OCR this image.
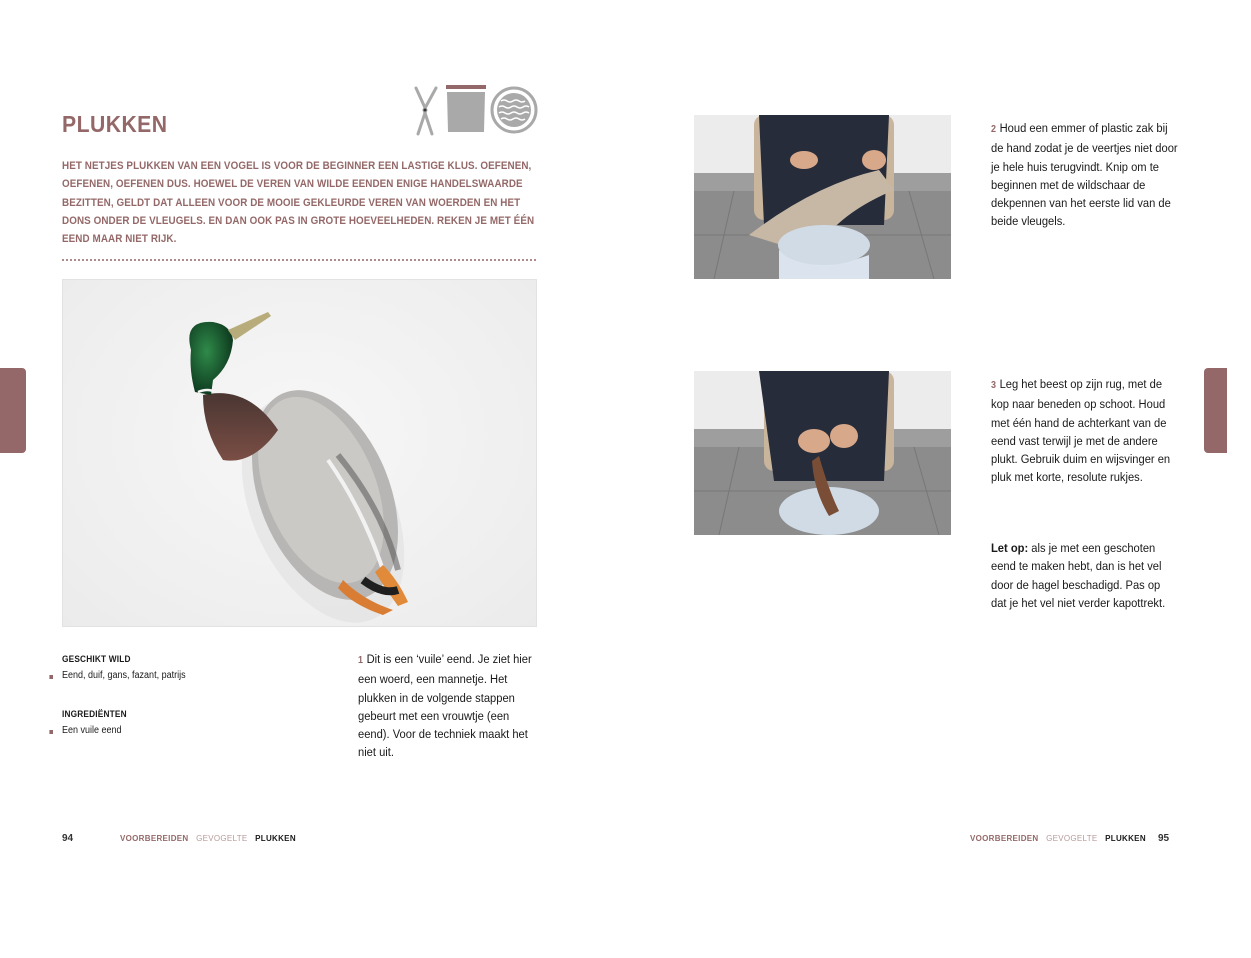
PLUKKEN

HET NETJES PLUKKEN VAN EEN VOGEL IS VOOR DE BEGINNER EEN LASTIGE KLUS. OEFENEN, OEFENEN, OEFENEN DUS. HOEWEL DE VEREN VAN WILDE EENDEN ENIGE HANDELSWAARDE BEZITTEN, GELDT DAT ALLEEN VOOR DE MOOIE GEKLEURDE VEREN VAN WOERDEN EN HET DONS ONDER DE VLEUGELS. EN DAN OOK PAS IN GROTE HOEVEELHEDEN. REKEN JE MET ÉÉN EEND MAAR NIET RIJK.

GESCHIKT WILD
Eend, duif, gans, fazant, patrijs
INGREDIËNTEN
Een vuile eend

1 Dit is een ‘vuile’ eend. Je ziet hier een woerd, een mannetje. Het plukken in de volgende stappen gebeurt met een vrouwtje (een eend). Voor de techniek maakt het niet uit.

94	VOORBEREIDEN GEVOGELTE PLUKKEN

2 Houd een emmer of plastic zak bij de hand zodat je de veertjes niet door je hele huis terugvindt. Knip om te beginnen met de wildschaar de dekpennen van het eerste lid van de beide vleugels.

3 Leg het beest op zijn rug, met de kop naar beneden op schoot. Houd met één hand de achterkant van de eend vast terwijl je met de andere plukt. Gebruik duim en wijsvinger en pluk met korte, resolute rukjes.

Let op: als je met een geschoten eend te maken hebt, dan is het vel door de hagel beschadigd. Pas op dat je het vel niet verder kapottrekt.

VOORBEREIDEN GEVOGELTE PLUKKEN 95
